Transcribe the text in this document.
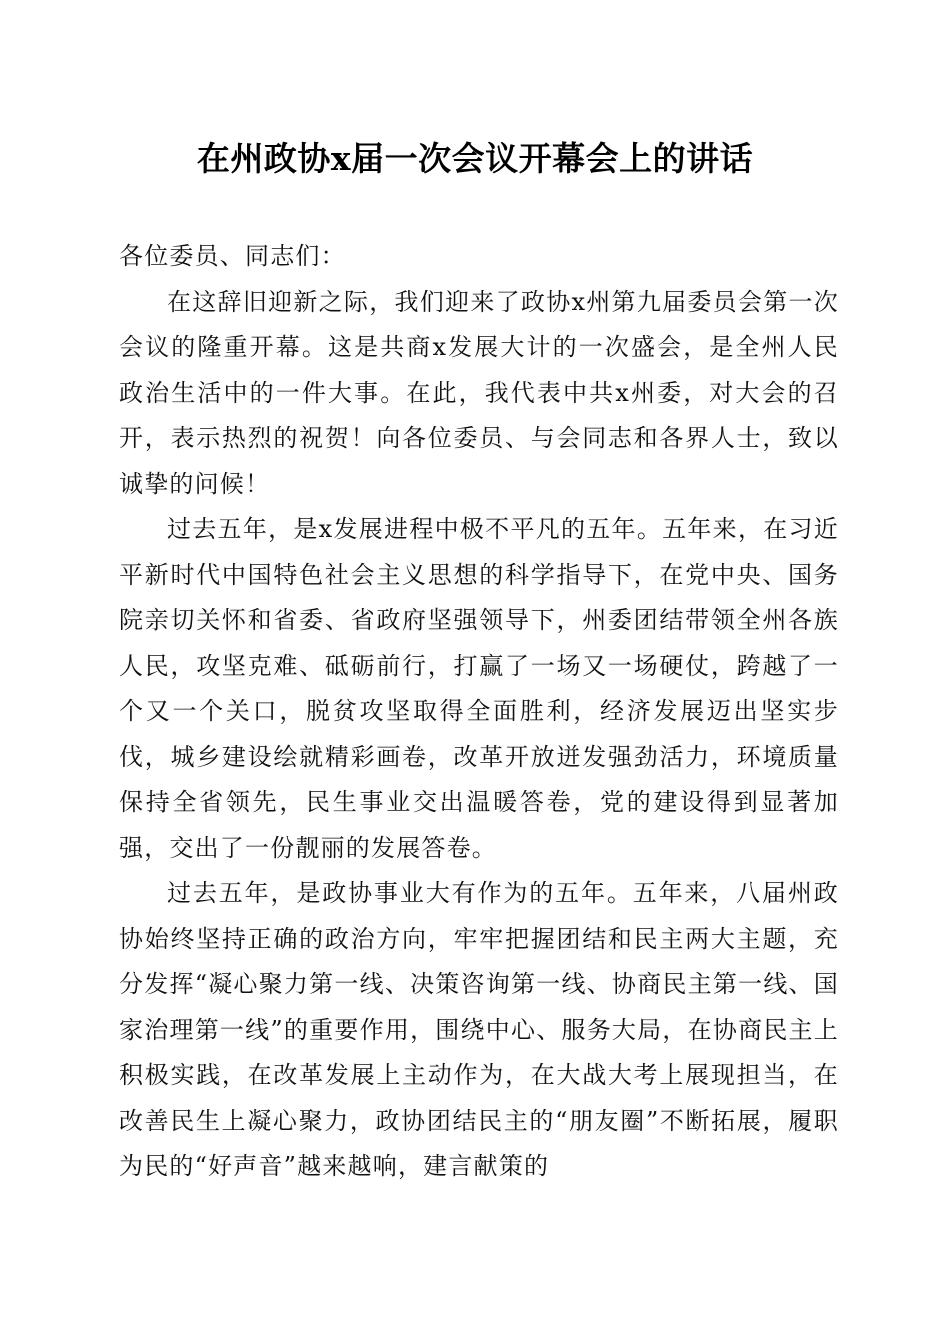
在州政协x届一次会议开幕会上的讲话

各位委员、同志们：

在这辞旧迎新之际，我们迎来了政协x州第九届委员会第一次会议的隆重开幕。这是共商x发展大计的一次盛会，是全州人民政治生活中的一件大事。在此，我代表中共x州委，对大会的召开，表示热烈的祝贺！向各位委员、与会同志和各界人士，致以诚挚的问候！

过去五年，是x发展进程中极不平凡的五年。五年来，在习近平新时代中国特色社会主义思想的科学指导下，在党中央、国务院亲切关怀和省委、省政府坚强领导下，州委团结带领全州各族人民，攻坚克难、砥砺前行，打赢了一场又一场硬仗，跨越了一个又一个关口，脱贫攻坚取得全面胜利，经济发展迈出坚实步伐，城乡建设绘就精彩画卷，改革开放迸发强劲活力，环境质量保持全省领先，民生事业交出温暖答卷，党的建设得到显著加强，交出了一份靓丽的发展答卷。

过去五年，是政协事业大有作为的五年。五年来，八届州政协始终坚持正确的政治方向，牢牢把握团结和民主两大主题，充分发挥“凝心聚力第一线、决策咨询第一线、协商民主第一线、国家治理第一线”的重要作用，围绕中心、服务大局，在协商民主上积极实践，在改革发展上主动作为，在大战大考上展现担当，在改善民生上凝心聚力，政协团结民主的“朋友圈”不断拓展，履职为民的“好声音”越来越响，建言献策的
